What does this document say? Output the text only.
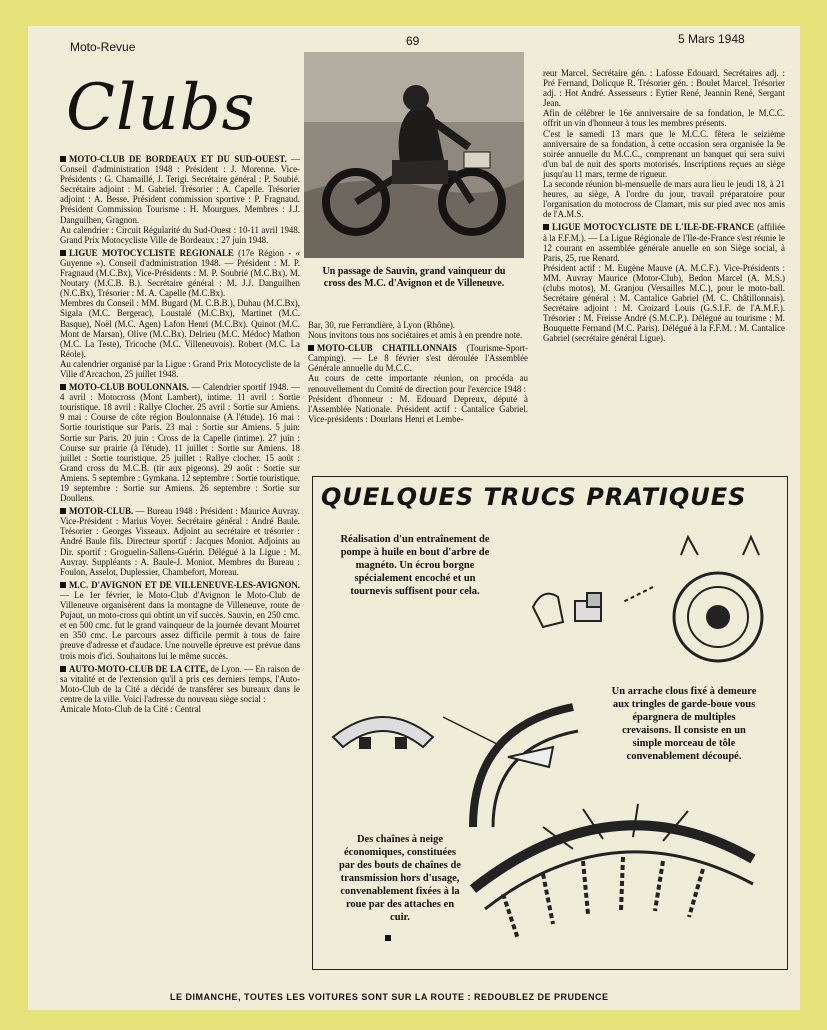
Moto-Revue	69	5 Mars 1948
Clubs

MOTO-CLUB DE BORDEAUX ET DU SUD-OUEST. — Conseil d'administration 1948 : Président : J. Morenne. Vice-Présidents : G. Chamaillé, J. Terigi. Secrétaire général : P. Soubié. Secrétaire adjoint : M. Gabriel. Trésorier : A. Capelle. Trésorier adjoint : A. Besse. Président commission sportive : P. Fragnaud. Président Commission Tourisme : H. Mourgues. Membres : J.J. Danguilhen, Gragnon.
Au calendrier : Circuit Régularité du Sud-Ouest : 10-11 avril 1948. Grand Prix Motocycliste Ville de Bordeaux : 27 juin 1948.

LIGUE MOTOCYCLISTE REGIONALE (17e Région - « Guyenne »). Conseil d'administration 1948. — Président : M. P. Fragnaud (M.C.Bx), Vice-Présidents : M. P. Soubrié (M.C.Bx). M. Noutary (M.C.B. B.). Secrétaire général : M. J.J. Danguilhen (N.C.Bx), Trésorier : M. A. Capelle (M.C.Bx).
Membres du Conseil : MM. Bugard (M. C.B.B.), Duhau (M.C.Bx), Sigala (M.C. Bergerac), Loustalé (M.C.Bx), Martinet (M.C. Basque), Noël (M.C. Agen) Lafon Henri (M.C.Bx). Quinot (M.C. Mont de Marsan), Olive (M.C.Bx). Delrieu (M.C. Médoc) Mathon (M.C. La Teste), Tricoche (M.C. Villeneuvois). Robert (M.C. La Réole).
Au calendrier organisé par la Ligue : Grand Prix Motocycliste de la Ville d'Arcachon, 25 juillet 1948.

MOTO-CLUB BOULONNAIS. — Calendrier sportif 1948. — 4 avril : Motocross (Mont Lambert), intime. 11 avril : Sortie touristique. 18 avril : Rallye Clocher. 25 avril : Sortie sur Amiens. 9 mai : Course de côte région Boulonnaise (A l'étude). 16 mai : Sortie touristique sur Paris. 23 mai : Sortie sur Amiens. 5 juin: Sortie sur Paris. 20 juin : Cross de la Capelle (intime). 27 juin : Course sur prairie (à l'étude). 11 juillet : Sortie sur Amiens. 18 juillet : Sortie touristique. 25 juillet : Rallye clocher. 15 août : Grand cross du M.C.B. (tir aux pigeons). 29 août : Sortie sur Amiens. 5 septembre : Gymkana. 12 septembre : Sortie touristique. 19 septembre : Sortie sur Amiens. 26 septembre : Sortie sur Doullens.

MOTOR-CLUB. — Bureau 1948 : Président : Maurice Auvray. Vice-Président : Marius Voyer. Secrétaire général : André Baule. Trésorier : Georges Visseaux. Adjoint au secrétaire et trésorier : André Baule fils. Directeur sportif : Jacques Moniot. Adjoints au Dir. sportif : Groguelin-Sallens-Guérin. Délégué à la Ligue : M. Auvray. Suppléants : A. Baule-J. Moniot. Membres du Bureau : Foulon, Asselot, Duplessier, Chambefort, Moreau.

M.C. D'AVIGNON ET DE VILLENEUVE-LES-AVIGNON. — Le 1er février, le Moto-Club d'Avignon le Moto-Club de Villeneuve organisèrent dans la montagne de Villeneuve, route de Pujaut, un moto-cross qui obtint un vif succès. Sauvin, en 250 cmc. et en 500 cmc. fut le grand vainqueur de la journée devant Mourret en 350 cmc. Le parcours assez difficile permit à tous de faire preuve d'adresse et d'audace. Une nouvelle épreuve est prévue dans trois mois d'ici. Souhaitons lui le même succès.

AUTO-MOTO-CLUB DE LA CITE, de Lyon. — En raison de sa vitalité et de l'extension qu'il a pris ces derniers temps, l'Auto-Moto-Club de la Cité a décidé de transférer ses bureaux dans le centre de la ville. Voici l'adresse du nouveau siège social :
Amicale Moto-Club de la Cité : Central

Un passage de Sauvin, grand vainqueur du cross des M.C. d'Avignon et de Villeneuve.

Bar, 30, rue Ferrandière, à Lyon (Rhône).
Nous invitons tous nos sociétaires et amis à en prendre note.

MOTO-CLUB CHATILLONNAIS (Tourisme-Sport-Camping). — Le 8 février s'est déroulée l'Assemblée Générale annuelle du M.C.C.
Au cours de cette importante réunion, on procéda au renouvellement du Comité de direction pour l'exercice 1948 :
Président d'honneur : M. Edouard Depreux, député à l'Assemblée Nationale. Président actif : Cantalice Gabriel. Vice-présidents : Dourlans Henri et Lembe-

reur Marcel. Secrétaire gén. : Lafosse Edouard. Secrétaires adj. : Pré Fernand, Dolicque R. Trésorier gén. : Boulet Marcel. Trésorier adj. : Hot André. Assesseurs : Eytier René, Jeannin René, Sergant Jean.
Afin de célébrer le 16e anniversaire de sa fondation, le M.C.C. offrit un vin d'honneur à tous les membres présents.
C'est le samedi 13 mars que le M.C.C. fêtera le seizième anniversaire de sa fondation, à cette occasion sera organisée la 9e soirée annuelle du M.C.C., comprenant un banquet qui sera suivi d'un bal de nuit des sports motorisés. Inscriptions reçues au siège jusqu'au 11 mars, terme de rigueur.
La seconde réunion bi-mensuelle de mars aura lieu le jeudi 18, à 21 heures, au siège, A l'ordre du jour, travail préparatoire pour l'organisation du motocross de Clamart, mis sur pied avec nos amis de l'A.M.S.

LIGUE MOTOCYCLISTE DE L'ILE-DE-FRANCE (affiliée à la F.F.M.). — La Ligue Régionale de l'Ile-de-France s'est réunie le 12 courant en assemblée générale anuelle en son Siège social, à Paris, 25, rue Renard.
Président actif : M. Eugène Mauve (A. M.C.F.). Vice-Présidents : MM. Auvray Maurice (Motor-Club), Bedon Marcel (A. M.S.) (clubs motos), M. Granjou (Versailles M.C.), pour le moto-ball. Secrétaire général : M. Cantalice Gabriel (M. C. Châtillonnais). Secrétaire adjoint : M. Croizard Louis (G.S.I.F. de l'A.M.F.). Trésorier : M. Freisse André (S.M.C.P.). Délégué au tourisme : M. Bouquette Fernand (M.C. Paris). Délégué à la F.F.M. : M. Cantalice Gabriel (secrétaire général Ligue).

QUELQUES TRUCS PRATIQUES
Réalisation d'un entraînement de pompe à huile en bout d'arbre de magnéto. Un écrou borgne spécialement encoché et un tournevis suffisent pour cela.
Un arrache clous fixé à demeure aux tringles de garde-boue vous épargnera de multiples crevaisons. Il consiste en un simple morceau de tôle convenablement découpé.
Des chaînes à neige économiques, constituées par des bouts de chaînes de transmission hors d'usage, convenablement fixées à la roue par des attaches en cuir.
LE DIMANCHE, TOUTES LES VOITURES SONT SUR LA ROUTE : REDOUBLEZ DE PRUDENCE
